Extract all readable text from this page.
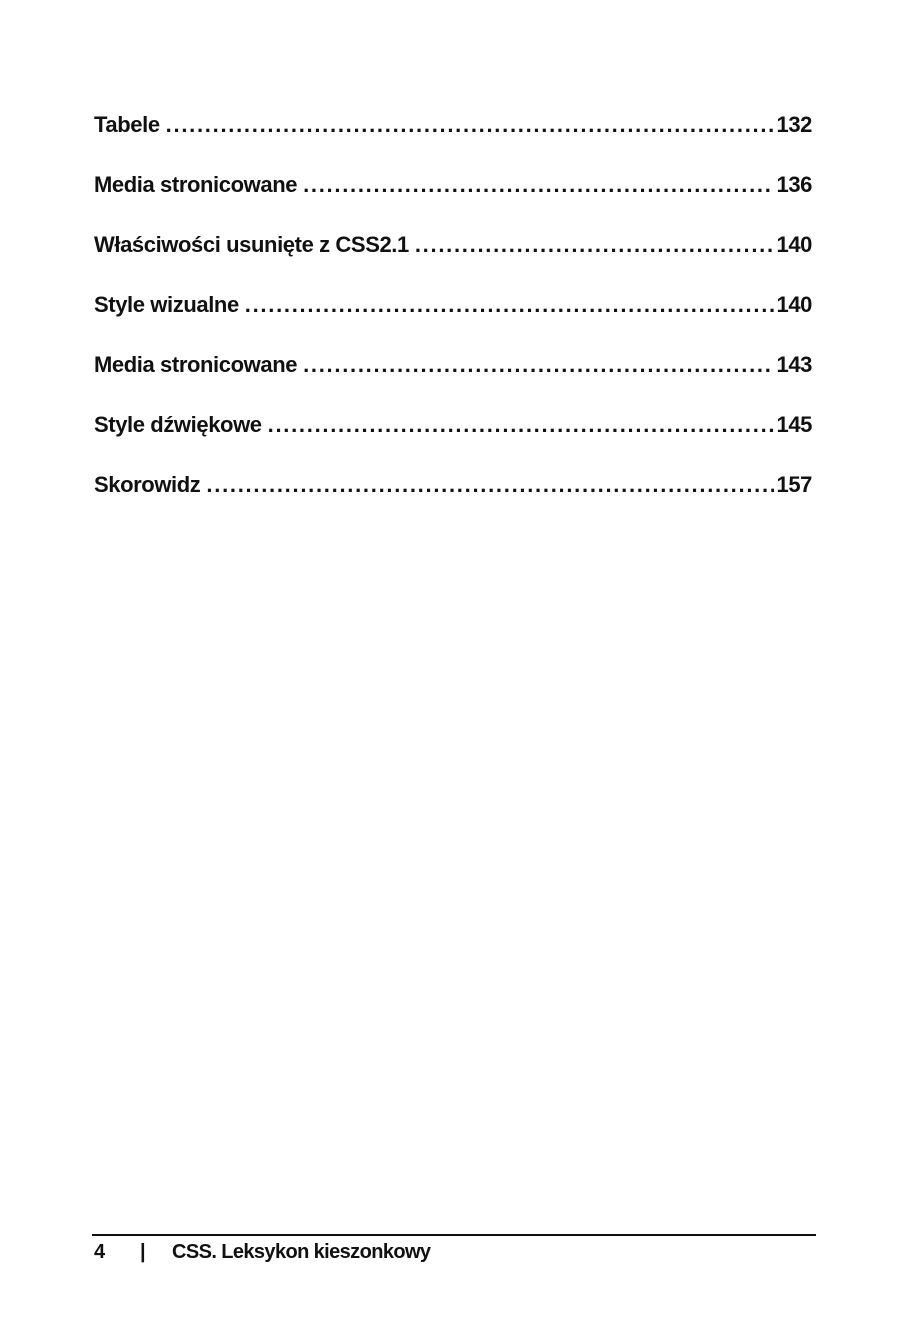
Tabele . . .	132
Media stronicowane . . .	136
Właściwości usunięte z CSS2.1 . . .	140
Style wizualne . . .	140
Media stronicowane . . .	143
Style dźwiękowe . . .	145
Skorowidz . . .	157
4 | CSS. Leksykon kieszonkowy
